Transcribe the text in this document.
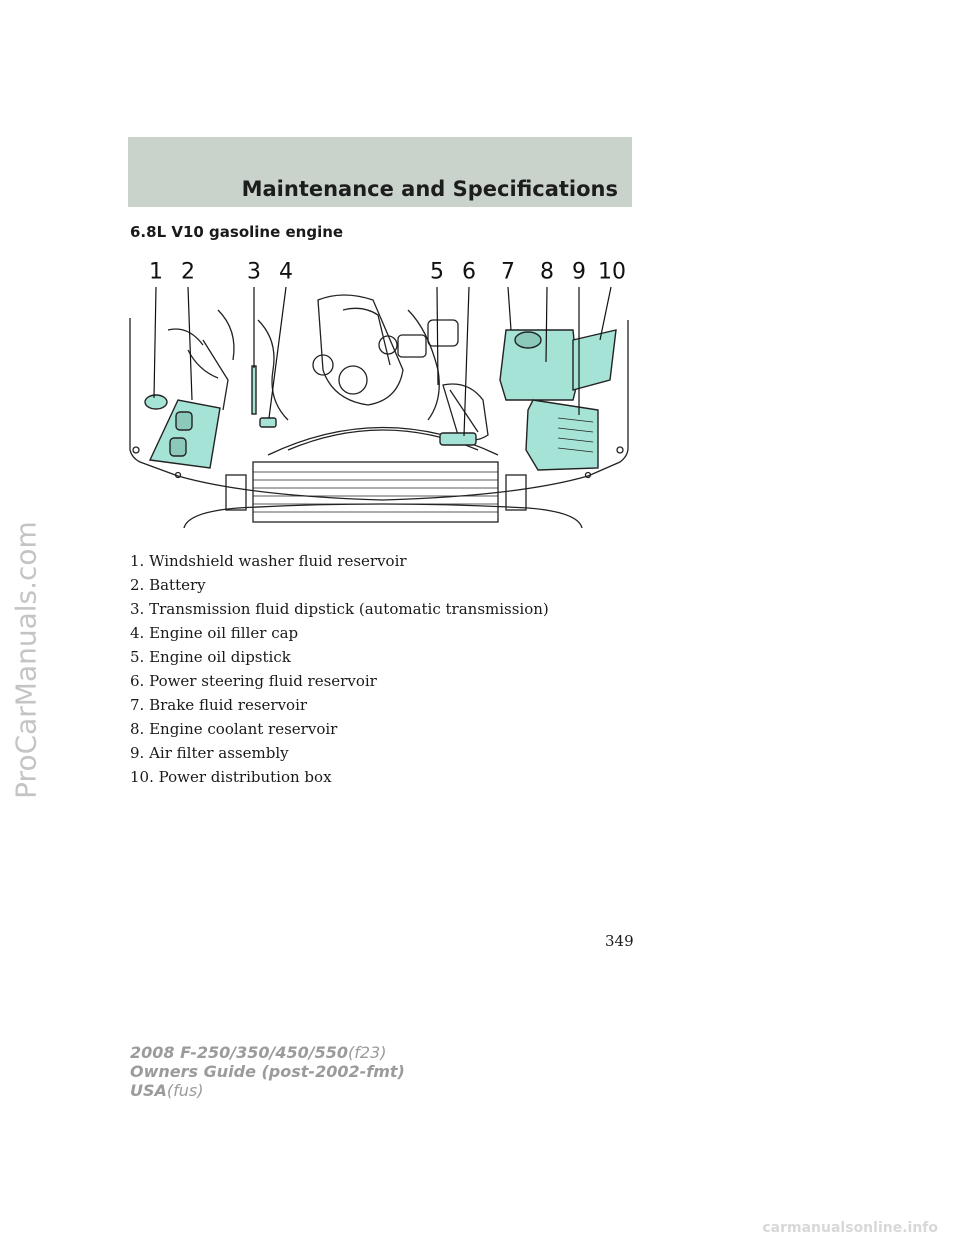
Maintenance and Specifications
6.8L V10 gasoline engine
1 2 3 4	5 6 7 8 9 10
1. Windshield washer fluid reservoir
2. Battery
3. Transmission fluid dipstick (automatic transmission)
4. Engine oil filler cap
5. Engine oil dipstick
6. Power steering fluid reservoir
7. Brake fluid reservoir
8. Engine coolant reservoir
9. Air filter assembly
10. Power distribution box
349
2008 F-250/350/450/550(f23)
Owners Guide (post-2002-fmt)
USA(fus)
ProCarManuals.com
carmanualsonline.info
